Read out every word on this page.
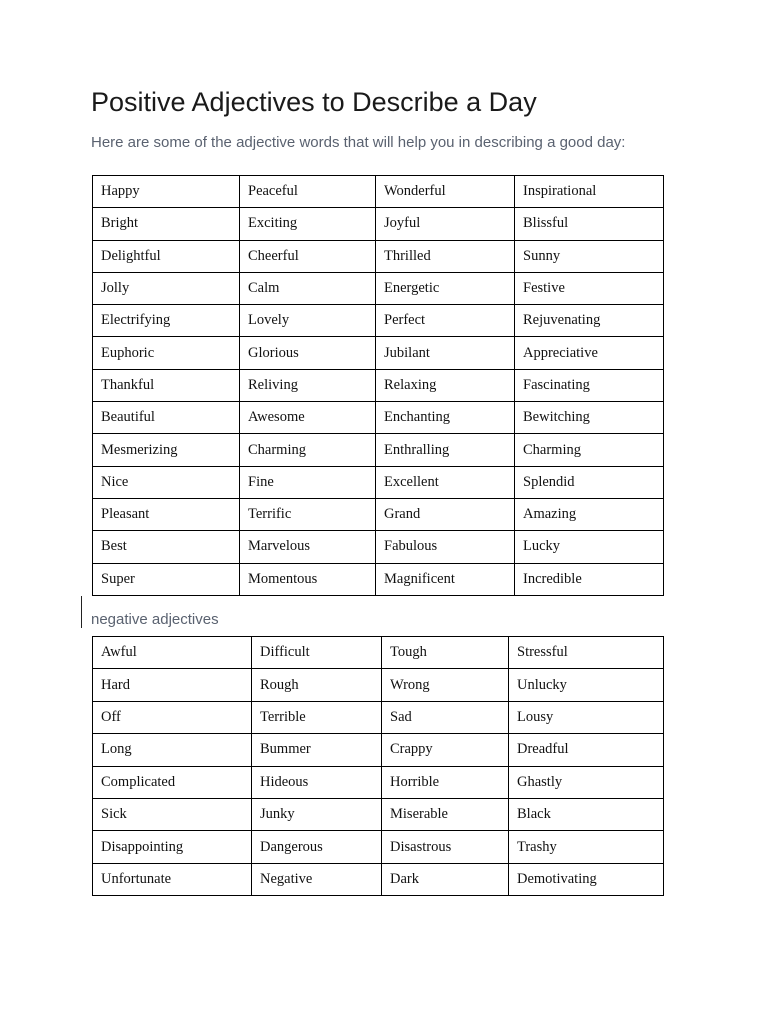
Positive Adjectives to Describe a Day

Here are some of the adjective words that will help you in describing a good day:

Happy	Peaceful	Wonderful	Inspirational
Bright	Exciting	Joyful	Blissful
Delightful	Cheerful	Thrilled	Sunny
Jolly	Calm	Energetic	Festive
Electrifying	Lovely	Perfect	Rejuvenating
Euphoric	Glorious	Jubilant	Appreciative
Thankful	Reliving	Relaxing	Fascinating
Beautiful	Awesome	Enchanting	Bewitching
Mesmerizing	Charming	Enthralling	Charming
Nice	Fine	Excellent	Splendid
Pleasant	Terrific	Grand	Amazing
Best	Marvelous	Fabulous	Lucky
Super	Momentous	Magnificent	Incredible

negative adjectives

Awful	Difficult	Tough	Stressful
Hard	Rough	Wrong	Unlucky
Off	Terrible	Sad	Lousy
Long	Bummer	Crappy	Dreadful
Complicated	Hideous	Horrible	Ghastly
Sick	Junky	Miserable	Black
Disappointing	Dangerous	Disastrous	Trashy
Unfortunate	Negative	Dark	Demotivating
